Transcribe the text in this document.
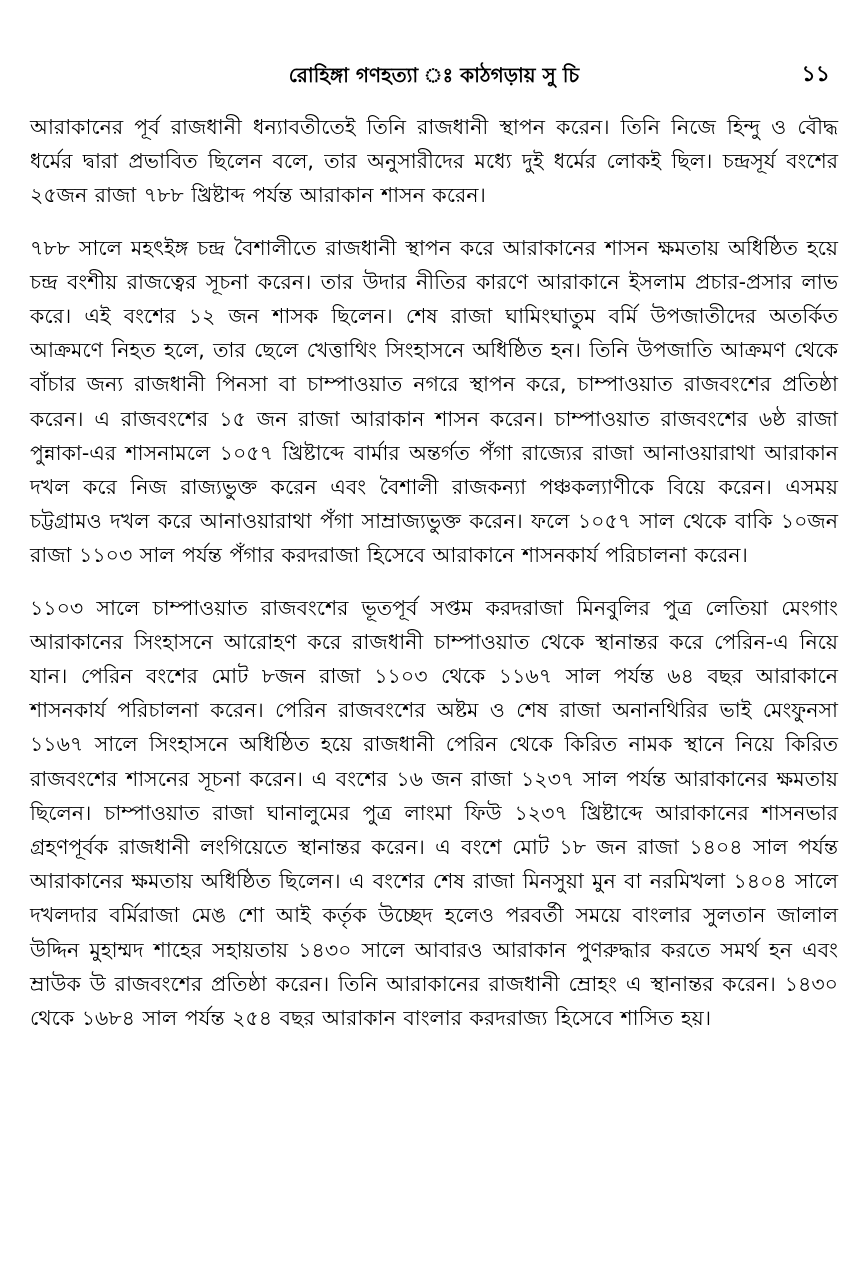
রোহিঙ্গা গণহত্যা ঃ কাঠগড়ায় সু চি	১১

আরাকানের পূর্ব রাজধানী ধন্যাবতীতেই তিনি রাজধানী স্থাপন করেন। তিনি নিজে হিন্দু ও বৌদ্ধ ধর্মের দ্বারা প্রভাবিত ছিলেন বলে, তার অনুসারীদের মধ্যে দুই ধর্মের লোকই ছিল। চন্দ্রসূর্য বংশের ২৫জন রাজা ৭৮৮ খ্রিষ্টাব্দ পর্যন্ত আরাকান শাসন করেন।

৭৮৮ সালে মহৎইঙ্গ চন্দ্র বৈশালীতে রাজধানী স্থাপন করে আরাকানের শাসন ক্ষমতায় অধিষ্ঠিত হয়ে চন্দ্র বংশীয় রাজত্বের সূচনা করেন। তার উদার নীতির কারণে আরাকানে ইসলাম প্রচার-প্রসার লাভ করে। এই বংশের ১২ জন শাসক ছিলেন। শেষ রাজা ঘামিংঘাতুম বর্মি উপজাতীদের অতর্কিত আক্রমণে নিহত হলে, তার ছেলে খেত্তাথিং সিংহাসনে অধিষ্ঠিত হন। তিনি উপজাতি আক্রমণ থেকে বাঁচার জন্য রাজধানী পিনসা বা চাম্পাওয়াত নগরে স্থাপন করে, চাম্পাওয়াত রাজবংশের প্রতিষ্ঠা করেন। এ রাজবংশের ১৫ জন রাজা আরাকান শাসন করেন। চাম্পাওয়াত রাজবংশের ৬ষ্ঠ রাজা পুন্নাকা-এর শাসনামলে ১০৫৭ খ্রিষ্টাব্দে বার্মার অন্তর্গত পঁগা রাজ্যের রাজা আনাওয়ারাথা আরাকান দখল করে নিজ রাজ্যভুক্ত করেন এবং বৈশালী রাজকন্যা পঞ্চকল্যাণীকে বিয়ে করেন। এসময় চট্টগ্রামও দখল করে আনাওয়ারাথা পঁগা সাম্রাজ্যভুক্ত করেন। ফলে ১০৫৭ সাল থেকে বাকি ১০জন রাজা ১১০৩ সাল পর্যন্ত পঁগার করদরাজা হিসেবে আরাকানে শাসনকার্য পরিচালনা করেন।

১১০৩ সালে চাম্পাওয়াত রাজবংশের ভূতপূর্ব সপ্তম করদরাজা মিনবুলির পুত্র লেতিয়া মেংগাং আরাকানের সিংহাসনে আরোহণ করে রাজধানী চাম্পাওয়াত থেকে স্থানান্তর করে পেরিন-এ নিয়ে যান। পেরিন বংশের মোট ৮জন রাজা ১১০৩ থেকে ১১৬৭ সাল পর্যন্ত ৬৪ বছর আরাকানে শাসনকার্য পরিচালনা করেন। পেরিন রাজবংশের অষ্টম ও শেষ রাজা অনানথিরির ভাই মেংফুনসা ১১৬৭ সালে সিংহাসনে অধিষ্ঠিত হয়ে রাজধানী পেরিন থেকে কিরিত নামক স্থানে নিয়ে কিরিত রাজবংশের শাসনের সূচনা করেন। এ বংশের ১৬ জন রাজা ১২৩৭ সাল পর্যন্ত আরাকানের ক্ষমতায় ছিলেন। চাম্পাওয়াত রাজা ঘানালুমের পুত্র লাংমা ফিউ ১২৩৭ খ্রিষ্টাব্দে আরাকানের শাসনভার গ্রহণপূর্বক রাজধানী লংগিয়েতে স্থানান্তর করেন। এ বংশে মোট ১৮ জন রাজা ১৪০৪ সাল পর্যন্ত আরাকানের ক্ষমতায় অধিষ্ঠিত ছিলেন। এ বংশের শেষ রাজা মিনসুয়া মুন বা নরমিখলা ১৪০৪ সালে দখলদার বর্মিরাজা মেঙ শো আই কর্তৃক উচ্ছেদ হলেও পরবর্তী সময়ে বাংলার সুলতান জালাল উদ্দিন মুহাম্মদ শাহের সহায়তায় ১৪৩০ সালে আবারও আরাকান পুণরুদ্ধার করতে সমর্থ হন এবং ম্রাউক উ রাজবংশের প্রতিষ্ঠা করেন। তিনি আরাকানের রাজধানী ম্রোহং এ স্থানান্তর করেন। ১৪৩০ থেকে ১৬৮৪ সাল পর্যন্ত ২৫৪ বছর আরাকান বাংলার করদরাজ্য হিসেবে শাসিত হয়।
